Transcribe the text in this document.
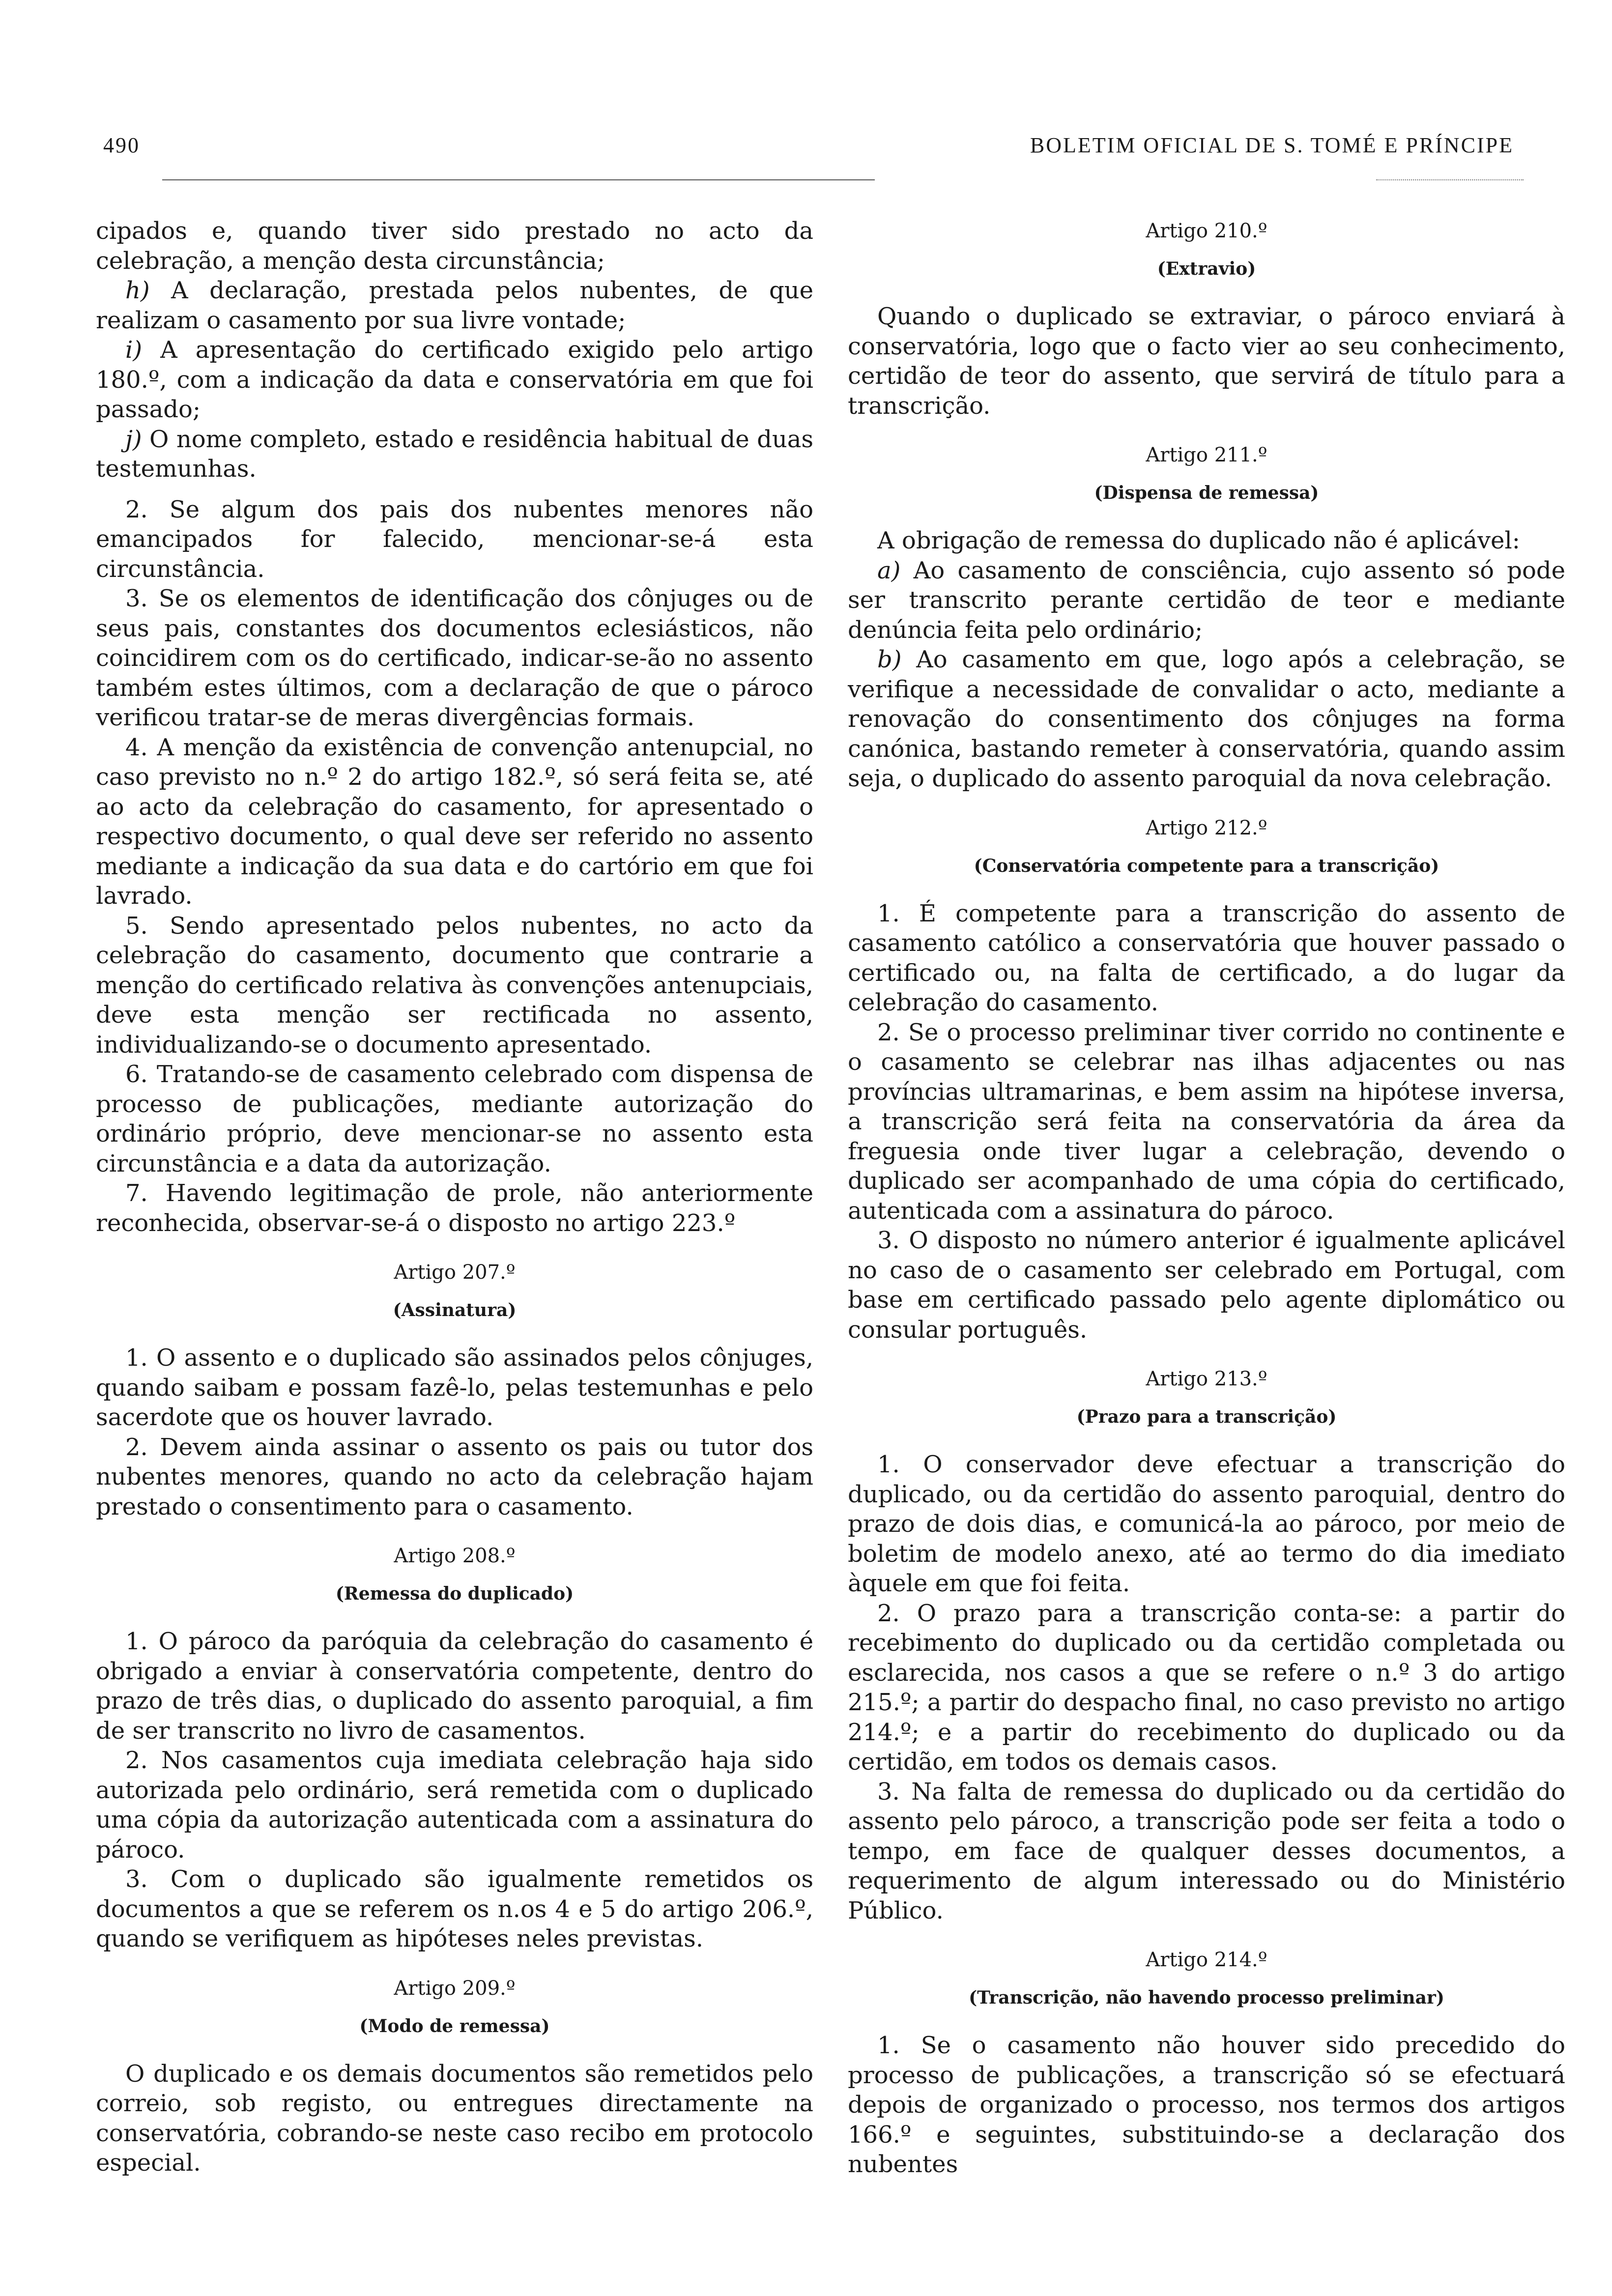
4⁠90	BOLETIM OFICIAL DE S. TOMÉ E PRÍNCIPE

cipados e, quando tiver sido prestado no acto da celebração, a menção desta circunstância;

h) A declaração, prestada pelos nubentes, de que realizam o casamento por sua livre vontade;

i) A apresentação do certificado exigido pelo artigo 180.º, com a indicação da data e conservatória em que foi passado;

j) O nome completo, estado e residência habitual de duas testemunhas.

2. Se algum dos pais dos nubentes menores não emancipados for falecido, mencionar-se-á esta circunstância.

3. Se os elementos de identificação dos cônjuges ou de seus pais, constantes dos documentos eclesiásticos, não coincidirem com os do certificado, indicar-se-ão no assento também estes últimos, com a declaração de que o pároco verificou tratar-se de meras divergências formais.

4. A menção da existência de convenção antenupcial, no caso previsto no n.º 2 do artigo 182.º, só será feita se, até ao acto da celebração do casamento, for apresentado o respectivo documento, o qual deve ser referido no assento mediante a indicação da sua data e do cartório em que foi lavrado.

5. Sendo apresentado pelos nubentes, no acto da celebração do casamento, documento que contrarie a menção do certificado relativa às convenções antenupciais, deve esta menção ser rectificada no assento, individualizando-se o documento apresentado.

6. Tratando-se de casamento celebrado com dispensa de processo de publicações, mediante autorização do ordinário próprio, deve mencionar-se no assento esta circunstância e a data da autorização.

7. Havendo legitimação de prole, não anteriormente reconhecida, observar-se-á o disposto no artigo 223.º

Artigo 207.º
(Assinatura)

1. O assento e o duplicado são assinados pelos cônjuges, quando saibam e possam fazê-lo, pelas testemunhas e pelo sacerdote que os houver lavrado.

2. Devem ainda assinar o assento os pais ou tutor dos nubentes menores, quando no acto da celebração hajam prestado o consentimento para o casamento.

Artigo 208.º
(Remessa do duplicado)

1. O pároco da paróquia da celebração do casamento é obrigado a enviar à conservatória competente, dentro do prazo de três dias, o duplicado do assento paroquial, a fim de ser transcrito no livro de casamentos.

2. Nos casamentos cuja imediata celebração haja sido autorizada pelo ordinário, será remetida com o duplicado uma cópia da autorização autenticada com a assinatura do pároco.

3. Com o duplicado são igualmente remetidos os documentos a que se referem os n.os 4 e 5 do artigo 206.º, quando se verifiquem as hipóteses neles previstas.

Artigo 209.º
(Modo de remessa)

O duplicado e os demais documentos são remetidos pelo correio, sob registo, ou entregues directamente na conservatória, cobrando-se neste caso recibo em protocolo especial.

Artigo 210.º
(Extravio)

Quando o duplicado se extraviar, o pároco enviará à conservatória, logo que o facto vier ao seu conhecimento, certidão de teor do assento, que servirá de título para a transcrição.

Artigo 211.º
(Dispensa de remessa)

A obrigação de remessa do duplicado não é aplicável:

a) Ao casamento de consciência, cujo assento só pode ser transcrito perante certidão de teor e mediante denúncia feita pelo ordinário;

b) Ao casamento em que, logo após a celebração, se verifique a necessidade de convalidar o acto, mediante a renovação do consentimento dos cônjuges na forma canónica, bastando remeter à conservatória, quando assim seja, o duplicado do assento paroquial da nova celebração.

Artigo 212.º
(Conservatória competente para a transcrição)

1. É competente para a transcrição do assento de casamento católico a conservatória que houver passado o certificado ou, na falta de certificado, a do lugar da celebração do casamento.

2. Se o processo preliminar tiver corrido no continente e o casamento se celebrar nas ilhas adjacentes ou nas províncias ultramarinas, e bem assim na hipótese inversa, a transcrição será feita na conservatória da área da freguesia onde tiver lugar a celebração, devendo o duplicado ser acompanhado de uma cópia do certificado, autenticada com a assinatura do pároco.

3. O disposto no número anterior é igualmente aplicável no caso de o casamento ser celebrado em Portugal, com base em certificado passado pelo agente diplomático ou consular português.

Artigo 213.º
(Prazo para a transcrição)

1. O conservador deve efectuar a transcrição do duplicado, ou da certidão do assento paroquial, dentro do prazo de dois dias, e comunicá-la ao pároco, por meio de boletim de modelo anexo, até ao termo do dia imediato àquele em que foi feita.

2. O prazo para a transcrição conta-se: a partir do recebimento do duplicado ou da certidão completada ou esclarecida, nos casos a que se refere o n.º 3 do artigo 215.º; a partir do despacho final, no caso previsto no artigo 214.º; e a partir do recebimento do duplicado ou da certidão, em todos os demais casos.

3. Na falta de remessa do duplicado ou da certidão do assento pelo pároco, a transcrição pode ser feita a todo o tempo, em face de qualquer desses documentos, a requerimento de algum interessado ou do Ministério Público.

Artigo 214.º
(Transcrição, não havendo processo preliminar)

1. Se o casamento não houver sido precedido do processo de publicações, a transcrição só se efectuará depois de organizado o processo, nos termos dos artigos 166.º e seguintes, substituindo-se a declaração dos nubentes
